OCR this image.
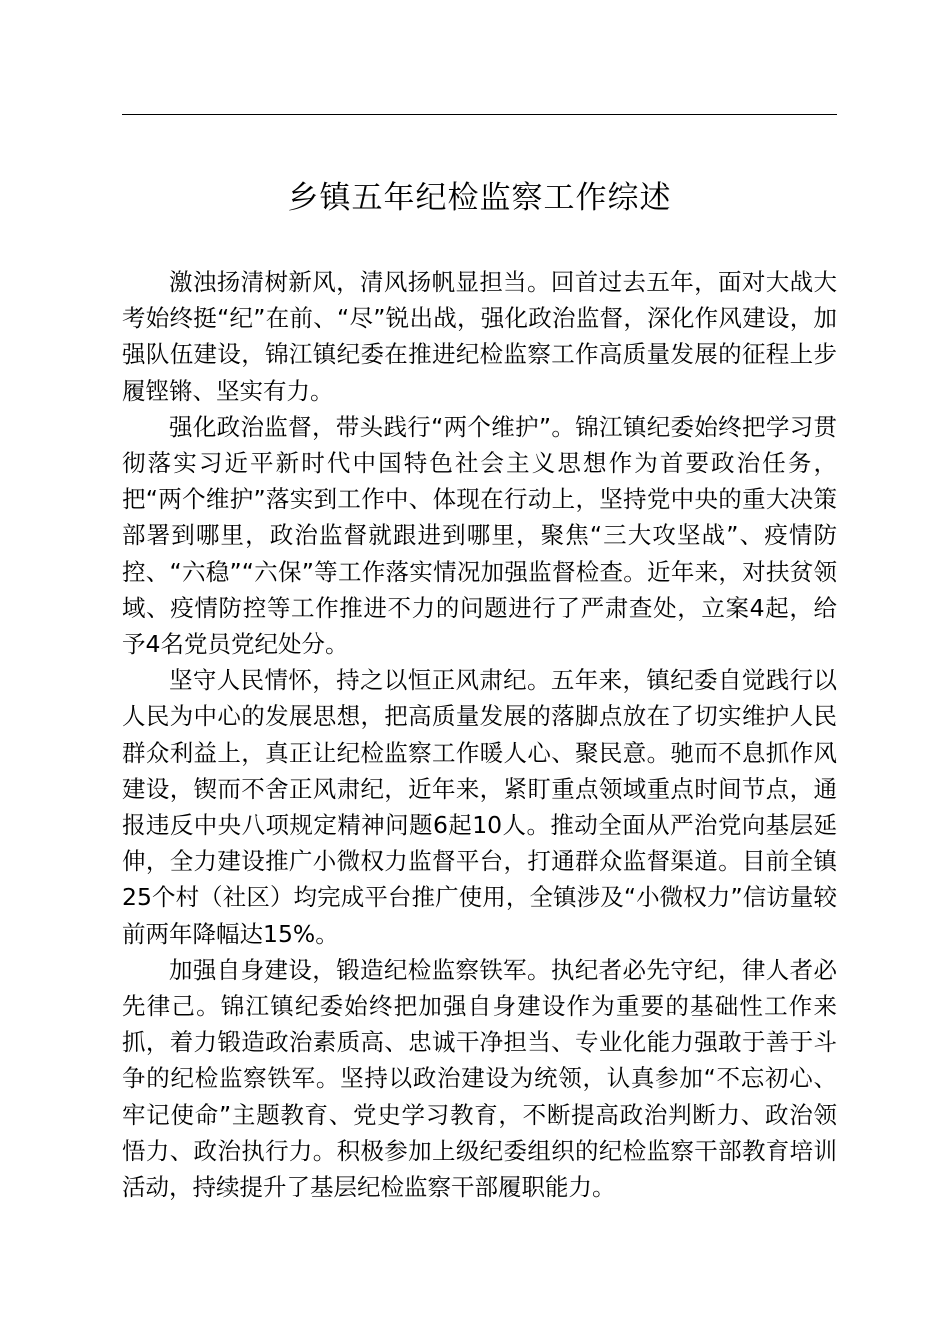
乡镇五年纪检监察工作综述

激浊扬清树新风，清风扬帆显担当。回首过去五年，面对大战大考始终挺“纪”在前、“尽”锐出战，强化政治监督，深化作风建设，加强队伍建设，锦江镇纪委在推进纪检监察工作高质量发展的征程上步履铿锵、坚实有力。

强化政治监督，带头践行“两个维护”。锦江镇纪委始终把学习贯彻落实习近平新时代中国特色社会主义思想作为首要政治任务，把“两个维护”落实到工作中、体现在行动上，坚持党中央的重大决策部署到哪里，政治监督就跟进到哪里，聚焦“三大攻坚战”、疫情防控、“六稳”“六保”等工作落实情况加强监督检查。近年来，对扶贫领域、疫情防控等工作推进不力的问题进行了严肃查处，立案4起，给予4名党员党纪处分。

坚守人民情怀，持之以恒正风肃纪。五年来，镇纪委自觉践行以人民为中心的发展思想，把高质量发展的落脚点放在了切实维护人民群众利益上，真正让纪检监察工作暖人心、聚民意。驰而不息抓作风建设，锲而不舍正风肃纪，近年来，紧盯重点领域重点时间节点，通报违反中央八项规定精神问题6起10人。推动全面从严治党向基层延伸，全力建设推广小微权力监督平台，打通群众监督渠道。目前全镇25个村（社区）均完成平台推广使用，全镇涉及“小微权力”信访量较前两年降幅达15%。

加强自身建设，锻造纪检监察铁军。执纪者必先守纪，律人者必先律己。锦江镇纪委始终把加强自身建设作为重要的基础性工作来抓，着力锻造政治素质高、忠诚干净担当、专业化能力强敢于善于斗争的纪检监察铁军。坚持以政治建设为统领，认真参加“不忘初心、牢记使命”主题教育、党史学习教育，不断提高政治判断力、政治领悟力、政治执行力。积极参加上级纪委组织的纪检监察干部教育培训活动，持续提升了基层纪检监察干部履职能力。
